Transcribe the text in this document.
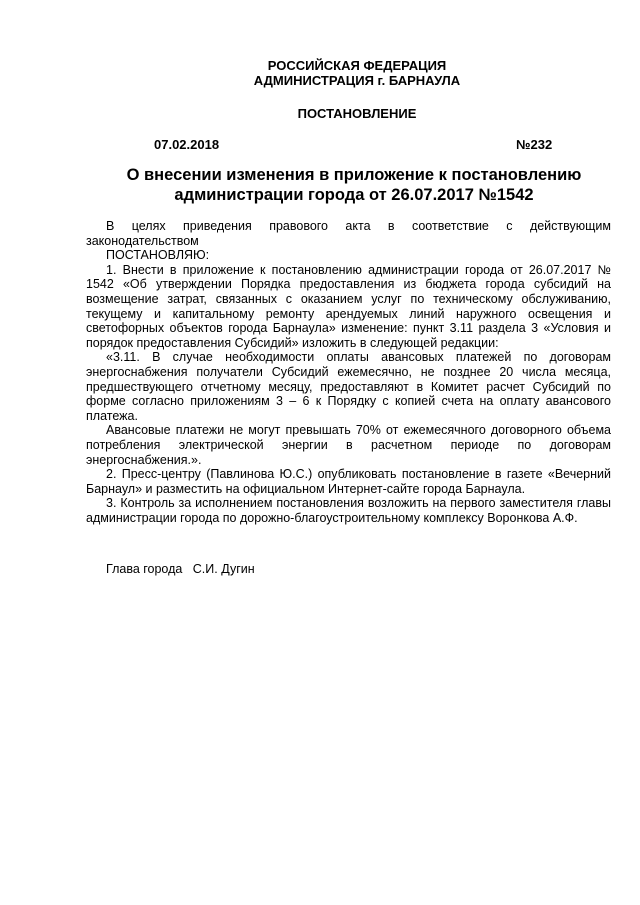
РОССИЙСКАЯ ФЕДЕРАЦИЯ
АДМИНИСТРАЦИЯ г. БАРНАУЛА
ПОСТАНОВЛЕНИЕ
07.02.2018	№232
О внесении изменения в приложение к постановлению
администрации города от 26.07.2017 №1542

В целях приведения правового акта в соответствие с действующим законодательством

ПОСТАНОВЛЯЮ:

1. Внести в приложение к постановлению администрации города от 26.07.2017 № 1542 «Об утверждении Порядка предоставления из бюджета города субсидий на возмещение затрат, связанных с оказанием услуг по техническому обслуживанию, текущему и капитальному ремонту арендуемых линий наружного освещения и светофорных объектов города Барнаула» изменение: пункт 3.11 раздела 3 «Условия и порядок предоставления Субсидий» изложить в следующей редакции:

«3.11. В случае необходимости оплаты авансовых платежей по договорам энергоснабжения получатели Субсидий ежемесячно, не позднее 20 числа месяца, предшествующего отчетному месяцу, предоставляют в Комитет расчет Субсидий по форме согласно приложениям 3 – 6 к Порядку с копией счета на оплату авансового платежа.

Авансовые платежи не могут превышать 70% от ежемесячного договорного объема потребления электрической энергии в расчетном периоде по договорам энергоснабжения.».

2. Пресс-центру (Павлинова Ю.С.) опубликовать постановление в газете «Вечерний Барнаул» и разместить на официальном Интернет-сайте города Барнаула.

3. Контроль за исполнением постановления возложить на первого заместителя главы администрации города по дорожно-благоустроительному комплексу Воронкова А.Ф.

Глава города С.И. Дугин
